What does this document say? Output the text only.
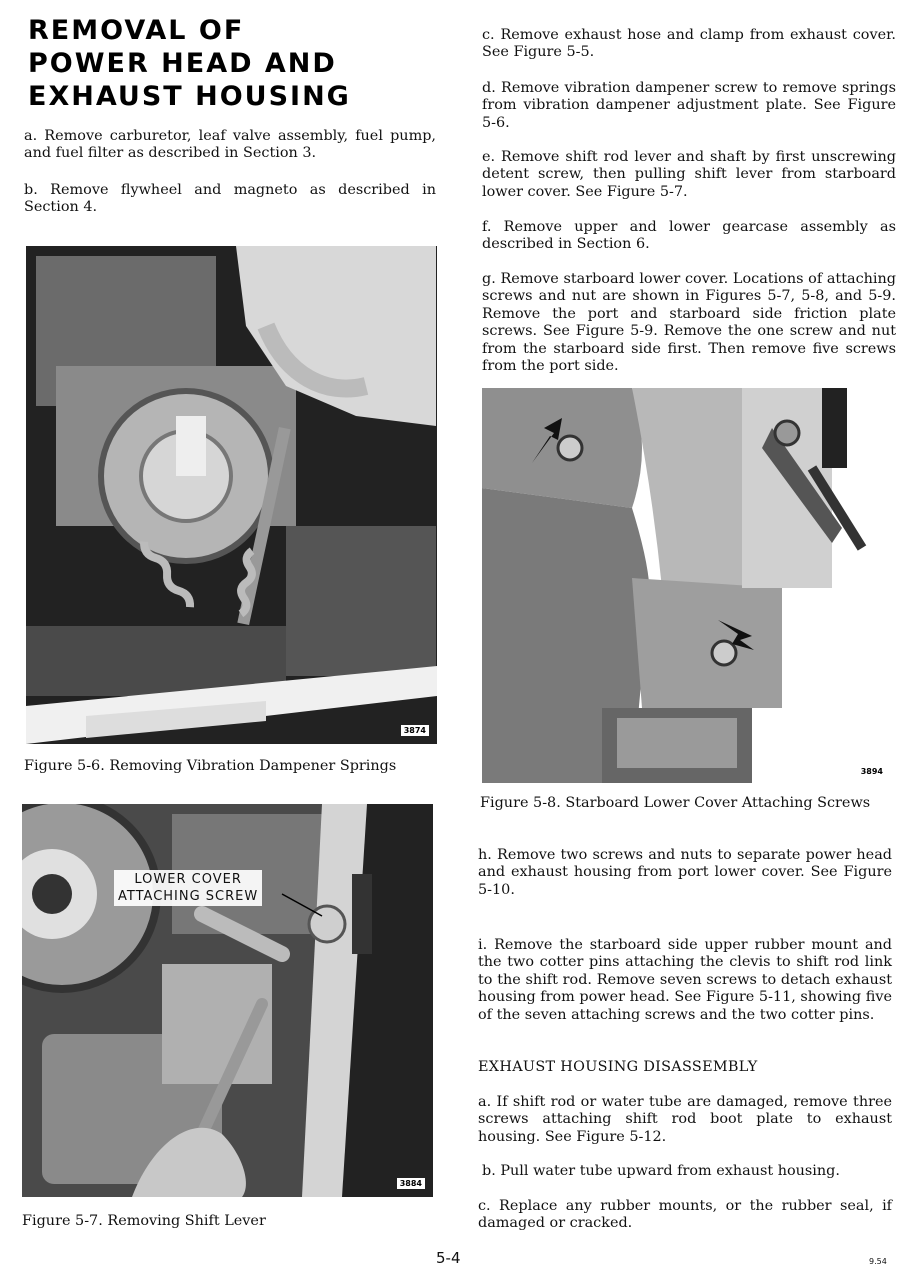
REMOVAL OF
POWER HEAD AND
EXHAUST HOUSING

a. Remove carburetor, leaf valve assembly, fuel pump, and fuel filter as described in Section 3.

b. Remove flywheel and magneto as described in Section 4.

3874

Figure 5-6. Removing Vibration Dampener Springs

LOWER COVER
ATTACHING SCREW
3884

Figure 5-7. Removing Shift Lever

c. Remove exhaust hose and clamp from exhaust cover. See Figure 5-5.

d. Remove vibration dampener screw to remove springs from vibration dampener adjustment plate. See Figure 5-6.

e. Remove shift rod lever and shaft by first unscrewing detent screw, then pulling shift lever from starboard lower cover. See Figure 5-7.

f. Remove upper and lower gearcase assembly as described in Section 6.

g. Remove starboard lower cover. Locations of attaching screws and nut are shown in Figures 5-7, 5-8, and 5-9. Remove the port and starboard side friction plate screws. See Figure 5-9. Remove the one screw and nut from the starboard side first. Then remove five screws from the port side.

3894

Figure 5-8. Starboard Lower Cover Attaching Screws

h. Remove two screws and nuts to separate power head and exhaust housing from port lower cover. See Figure 5-10.

i. Remove the starboard side upper rubber mount and the two cotter pins attaching the clevis to shift rod link to the shift rod. Remove seven screws to detach exhaust housing from power head. See Figure 5-11, showing five of the seven attaching screws and the two cotter pins.

EXHAUST HOUSING DISASSEMBLY

a. If shift rod or water tube are damaged, remove three screws attaching shift rod boot plate to exhaust housing. See Figure 5-12.

b. Pull water tube upward from exhaust housing.

c. Replace any rubber mounts, or the rubber seal, if damaged or cracked.

5-4	9.54
